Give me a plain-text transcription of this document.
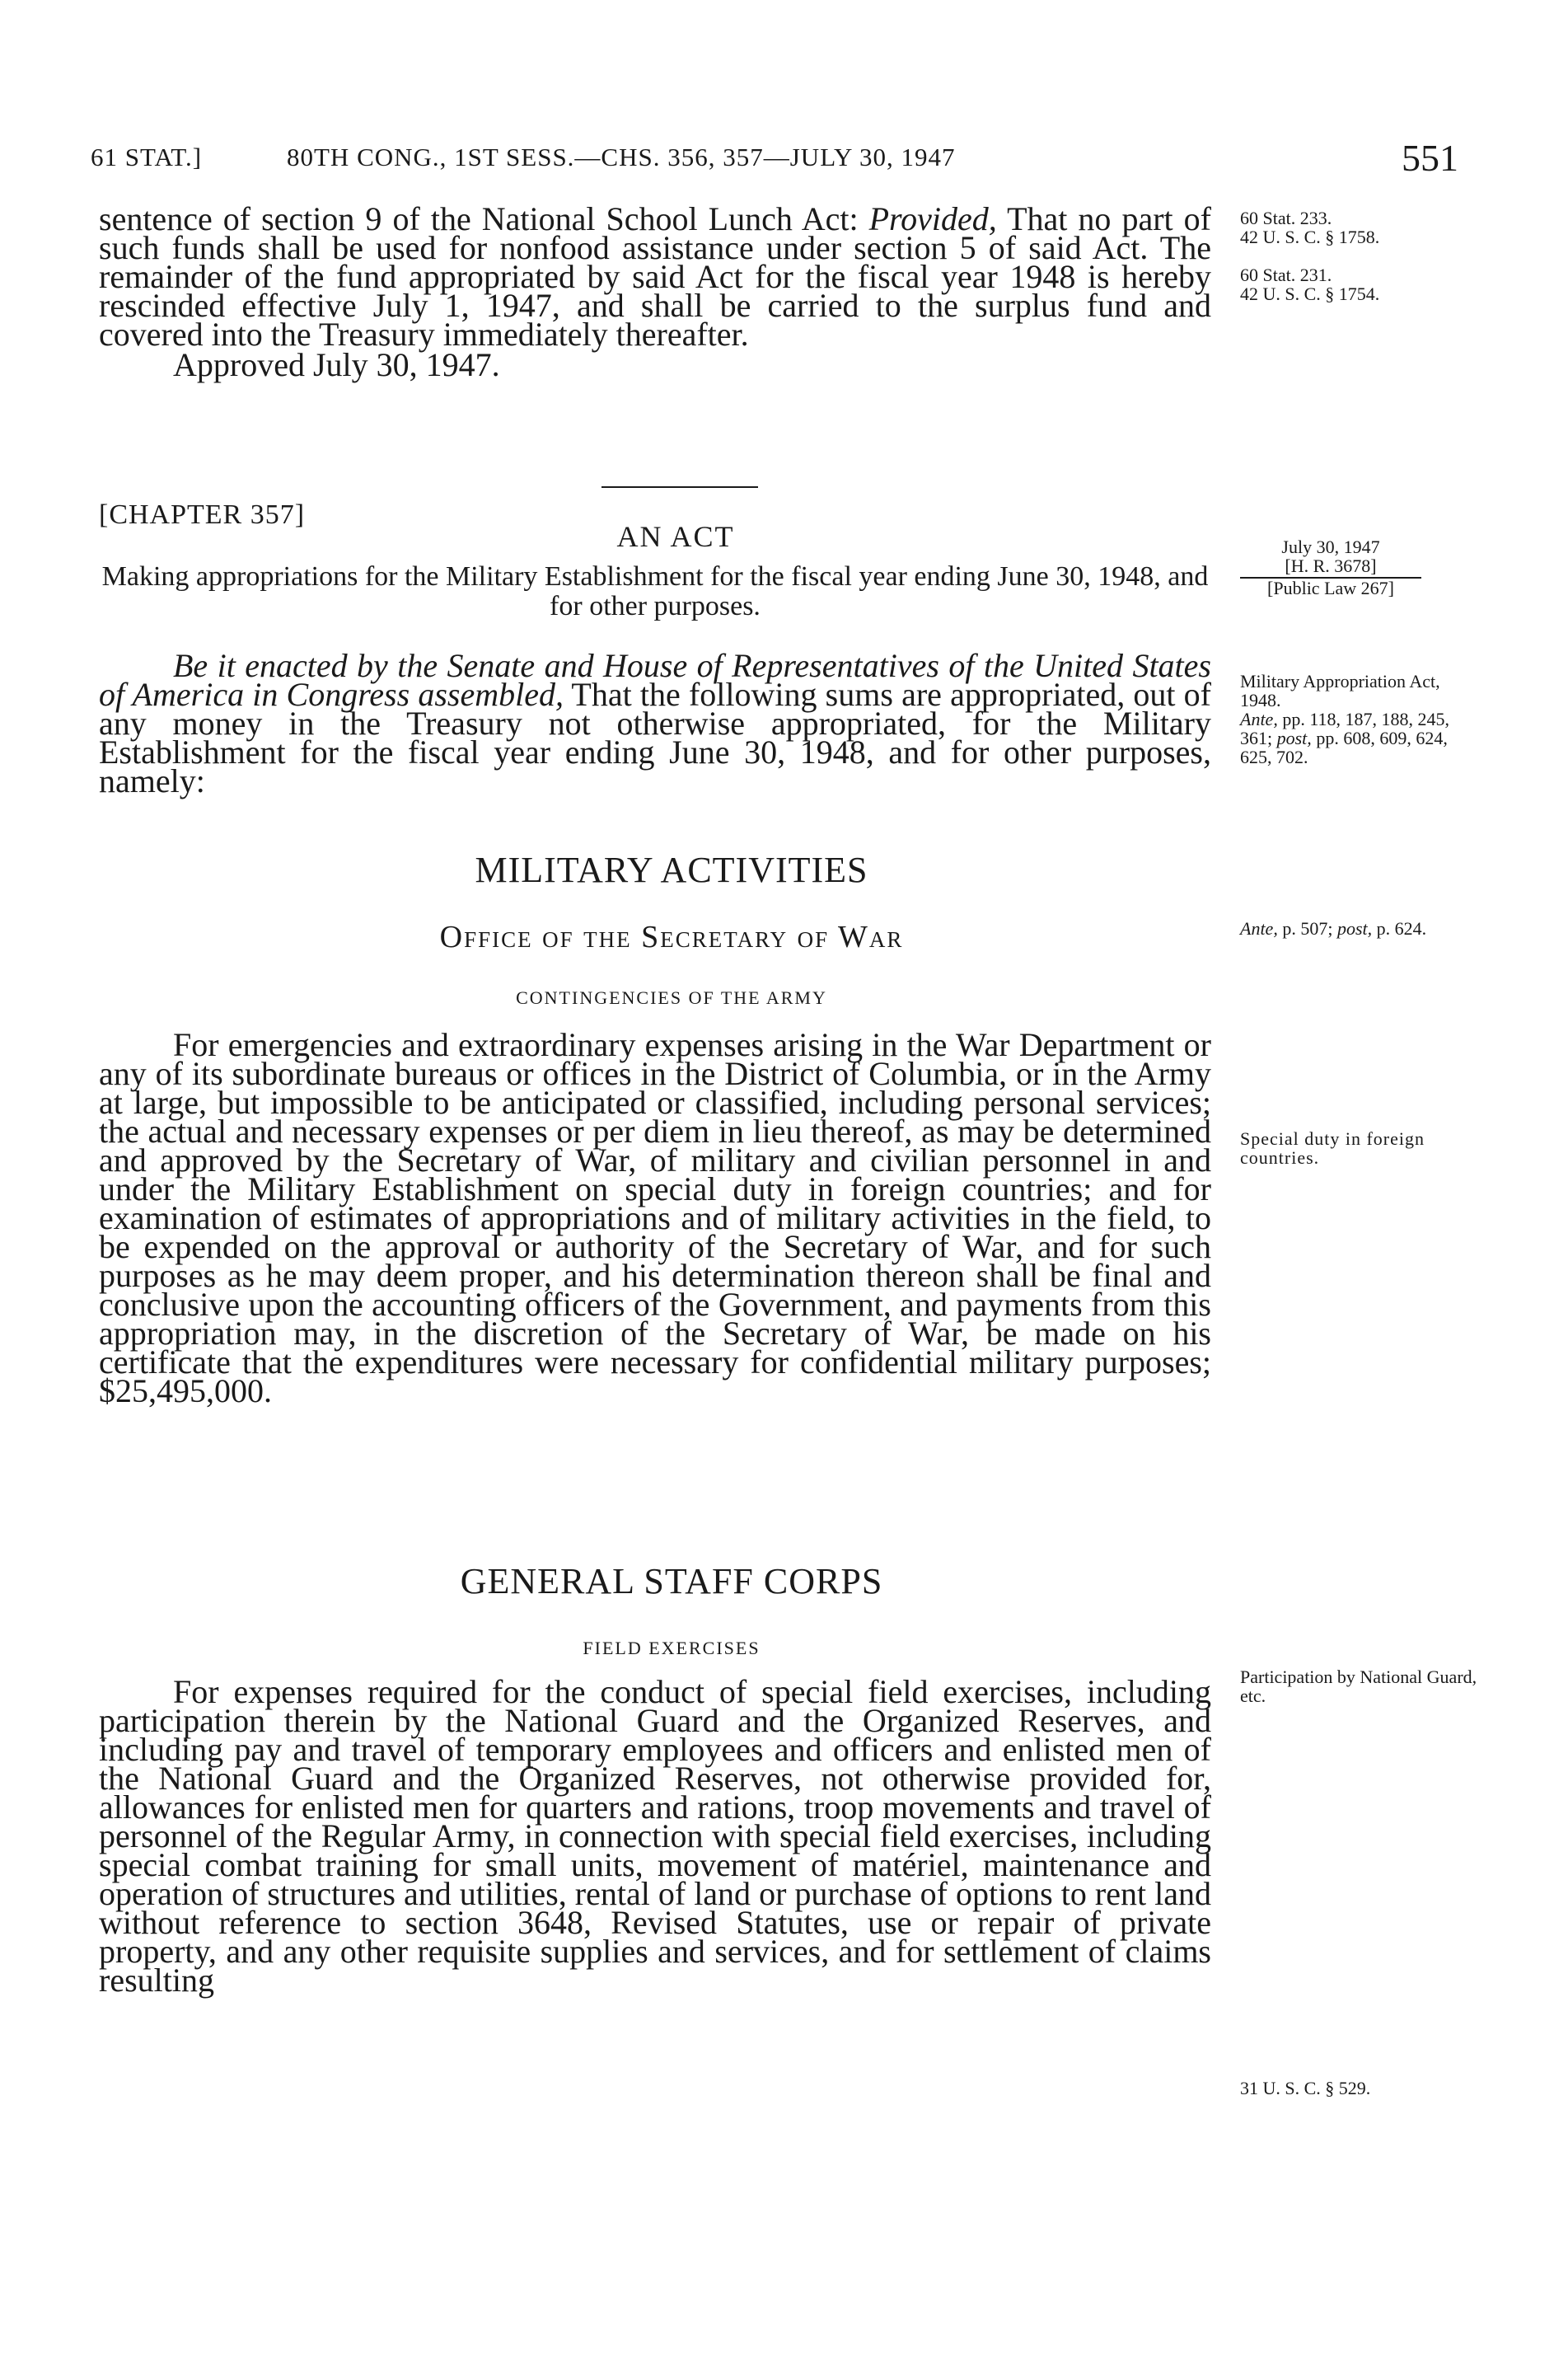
61 STAT.]	80TH CONG., 1ST SESS.—CHS. 356, 357—JULY 30, 1947	551

sentence of section 9 of the National School Lunch Act: Provided, That no part of such funds shall be used for nonfood assistance under section 5 of said Act. The remainder of the fund appropriated by said Act for the fiscal year 1948 is hereby rescinded effective July 1, 1947, and shall be carried to the surplus fund and covered into the Treasury immediately thereafter.

Approved July 30, 1947.

60 Stat. 233.
42 U. S. C. § 1758.
60 Stat. 231.
42 U. S. C. § 1754.
[CHAPTER 357]
AN ACT
Making appropriations for the Military Establishment for the fiscal year ending June 30, 1948, and for other purposes.
July 30, 1947
[H. R. 3678]
[Public Law 267]

Be it enacted by the Senate and House of Representatives of the United States of America in Congress assembled, That the following sums are appropriated, out of any money in the Treasury not otherwise appropriated, for the Military Establishment for the fiscal year ending June 30, 1948, and for other purposes, namely:

Military Appropriation Act, 1948.
Ante, pp. 118, 187, 188, 245, 361; post, pp. 608, 609, 624, 625, 702.
MILITARY ACTIVITIES
Office of the Secretary of War	Ante, p. 507; post, p. 624.
CONTINGENCIES OF THE ARMY

For emergencies and extraordinary expenses arising in the War Department or any of its subordinate bureaus or offices in the District of Columbia, or in the Army at large, but impossible to be anticipated or classified, including personal services; the actual and necessary expenses or per diem in lieu thereof, as may be determined and approved by the Secretary of War, of military and civilian personnel in and under the Military Establishment on special duty in foreign countries; and for examination of estimates of appropriations and of military activities in the field, to be expended on the approval or authority of the Secretary of War, and for such purposes as he may deem proper, and his determination thereon shall be final and conclusive upon the accounting officers of the Government, and payments from this appropriation may, in the discretion of the Secretary of War, be made on his certificate that the expenditures were necessary for confidential military purposes; $25,495,000.

Special duty in foreign countries.
GENERAL STAFF CORPS
FIELD EXERCISES

For expenses required for the conduct of special field exercises, including participation therein by the National Guard and the Organized Reserves, and including pay and travel of temporary employees and officers and enlisted men of the National Guard and the Organized Reserves, not otherwise provided for, allowances for enlisted men for quarters and rations, troop movements and travel of personnel of the Regular Army, in connection with special field exercises, including special combat training for small units, movement of matériel, maintenance and operation of structures and utilities, rental of land or purchase of options to rent land without reference to section 3648, Revised Statutes, use or repair of private property, and any other requisite supplies and services, and for settlement of claims resulting

Participation by National Guard, etc.
31 U. S. C. § 529.
